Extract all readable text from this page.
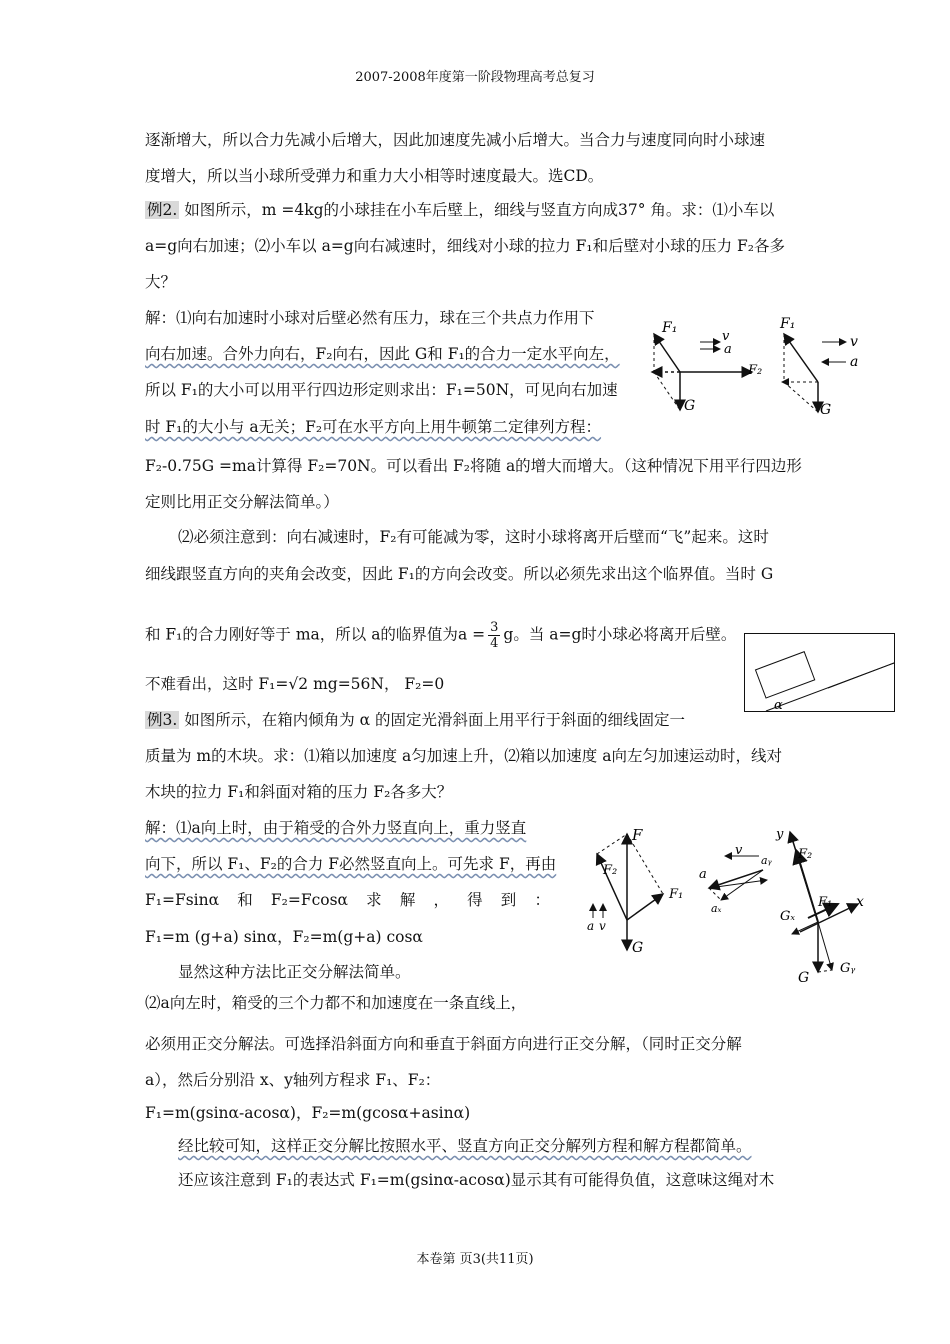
2007-2008年度第一阶段物理高考总复习
逐渐增大，所以合力先减小后增大，因此加速度先减小后增大。当合力与速度同向时小球速
度增大，所以当小球所受弹力和重力大小相等时速度最大。选CD。
例2. 如图所示，m =4kg的小球挂在小车后壁上，细线与竖直方向成37° 角。求：⑴小车以
a=g向右加速；⑵小车以 a=g向右减速时，细线对小球的拉力 F₁和后壁对小球的压力 F₂各多
大？
解：⑴向右加速时小球对后壁必然有压力，球在三个共点力作用下
向右加速。合外力向右，F₂向右，因此 G和 F₁的合力一定水平向左，
所以 F₁的大小可以用平行四边形定则求出：F₁=50N，可见向右加速
时 F₁的大小与 a无关；F₂可在水平方向上用牛顿第二定律列方程：
F₂-0.75G =ma计算得 F₂=70N。可以看出 F₂将随 a的增大而增大。（这种情况下用平行四边形
定则比用正交分解法简单。）
⑵必须注意到：向右减速时，F₂有可能减为零，这时小球将离开后壁而“飞”起来。这时
细线跟竖直方向的夹角会改变，因此 F₁的方向会改变。所以必须先求出这个临界值。当时 G
和 F₁的合力刚好等于 ma，所以 a的临界值为$a = \frac{3}{4}$ g。当 a=g时小球必将离开后壁。
不难看出，这时 F₁=√2 mg=56N， F₂=0
例3. 如图所示，在箱内倾角为 α 的固定光滑斜面上用平行于斜面的细线固定一
质量为 m的木块。求：⑴箱以加速度 a匀加速上升，⑵箱以加速度 a向左匀加速运动时，线对
木块的拉力 F₁和斜面对箱的压力 F₂各多大？
解：⑴a向上时，由于箱受的合外力竖直向上，重力竖直
向下，所以 F₁、F₂的合力 F必然竖直向上。可先求 F，再由
F₁=Fsinα 和 F₂=Fcosα 求 解 ， 得 到 ：
F₁=m (g+a) sinα，F₂=m(g+a) cosα
显然这种方法比正交分解法简单。
⑵a向左时，箱受的三个力都不和加速度在一条直线上，
必须用正交分解法。可选择沿斜面方向和垂直于斜面方向进行正交分解，（同时正交分解
a），然后分别沿 x、y轴列方程求 F₁、F₂：
F₁=m(gsinα-acosα)，F₂=m(gcosα+asinα)
经比较可知，这样正交分解比按照水平、竖直方向正交分解列方程和解方程都简单。
还应该注意到 F₁的表达式 F₁=m(gsinα-acosα)显示其有可能得负值，这意味这绳对木
本卷第 页3(共11页)
F₁
v
a
F₂
G
F₁
v
a
G
α
F
F₂
F₁
a v
G
v
a
aᵧ
aₓ
y
F₂
F₁ x
Gₓ
G
Gᵧ
